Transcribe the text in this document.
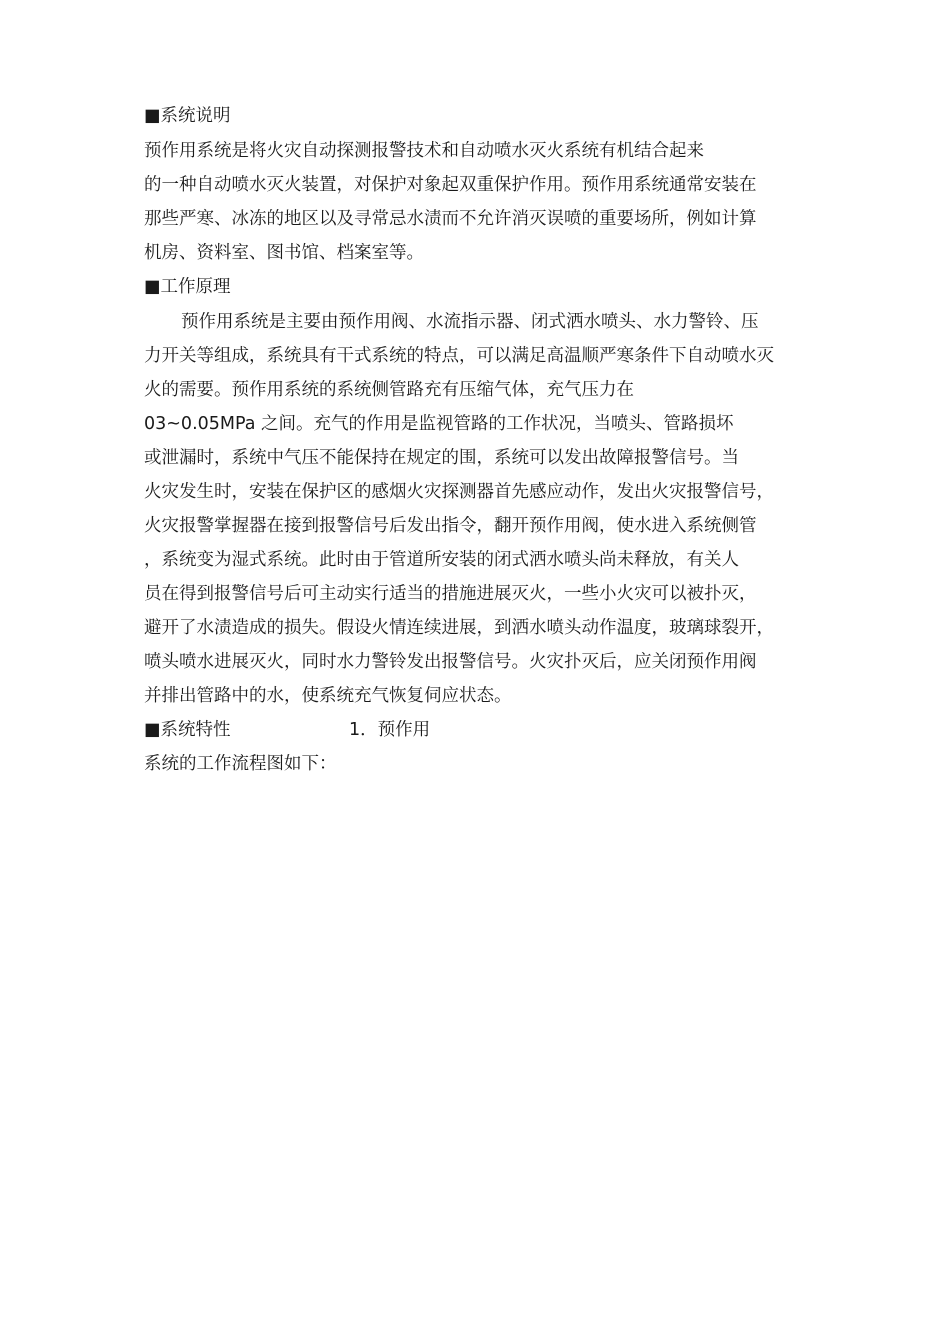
■系统说明
预作用系统是将火灾自动探测报警技术和自动喷水灭火系统有机结合起来
的一种自动喷水灭火装置，对保护对象起双重保护作用。预作用系统通常安装在
那些严寒、冰冻的地区以及寻常忌水渍而不允许消灭误喷的重要场所，例如计算
机房、资料室、图书馆、档案室等。
■工作原理
预作用系统是主要由预作用阀、水流指示器、闭式洒水喷头、水力警铃、压
力开关等组成，系统具有干式系统的特点，可以满足高温顺严寒条件下自动喷水灭
火的需要。预作用系统的系统侧管路充有压缩气体，充气压力在
03~0.05MPa 之间。充气的作用是监视管路的工作状况，当喷头、管路损坏
或泄漏时，系统中气压不能保持在规定的围，系统可以发出故障报警信号。当
火灾发生时，安装在保护区的感烟火灾探测器首先感应动作，发出火灾报警信号，
火灾报警掌握器在接到报警信号后发出指令，翻开预作用阀，使水进入系统侧管
，系统变为湿式系统。此时由于管道所安装的闭式洒水喷头尚未释放，有关人
员在得到报警信号后可主动实行适当的措施进展灭火，一些小火灾可以被扑灭，
避开了水渍造成的损失。假设火情连续进展，到洒水喷头动作温度，玻璃球裂开，
喷头喷水进展灭火，同时水力警铃发出报警信号。火灾扑灭后，应关闭预作用阀
并排出管路中的水，使系统充气恢复伺应状态。
■系统特性	1．预作用
系统的工作流程图如下：
